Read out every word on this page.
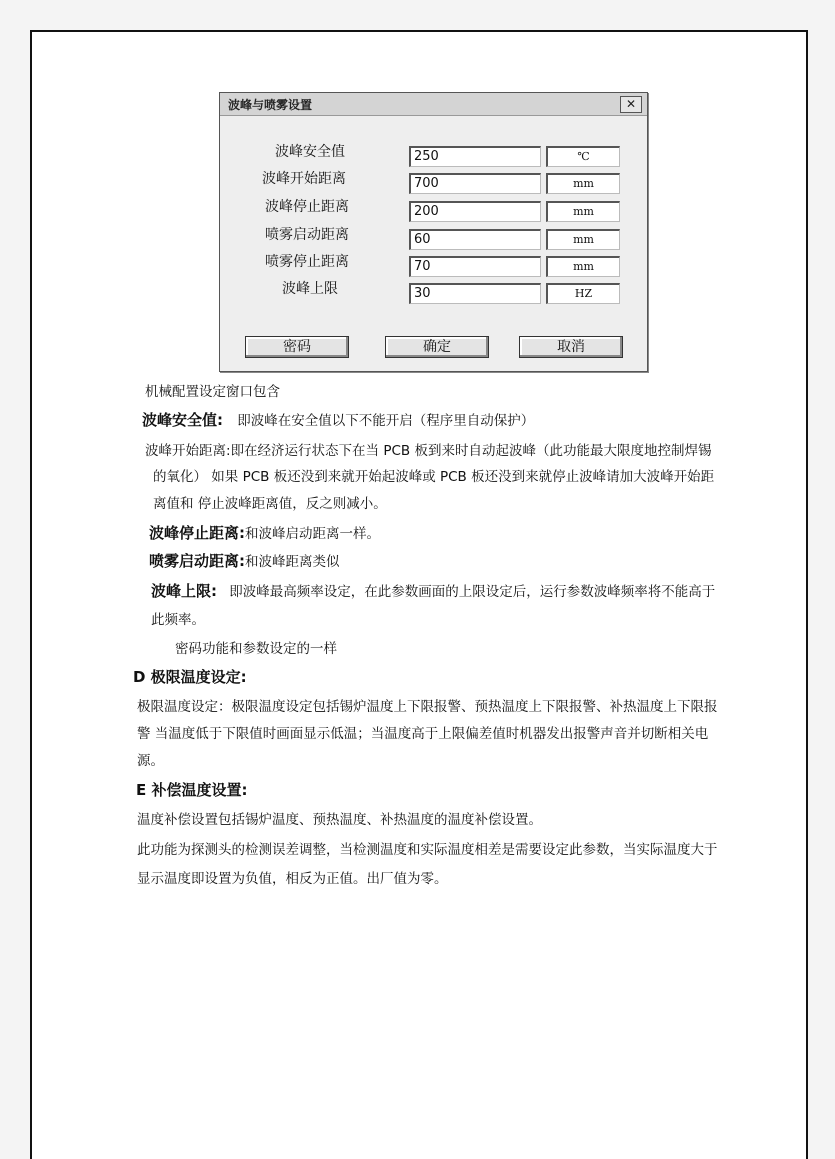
波峰与喷雾设置	✕
波峰安全值	250	℃
波峰开始距离	700	mm
波峰停止距离	200	mm
喷雾启动距离	60	mm
喷雾停止距离	70	mm
波峰上限	30	HZ
密码	确定	取消
机械配置设定窗口包含
波峰安全值: 即波峰在安全值以下不能开启（程序里自动保护）
波峰开始距离:即在经济运行状态下在当 PCB 板到来时自动起波峰（此功能最大限度地控制焊锡
的氧化） 如果 PCB 板还没到来就开始起波峰或 PCB 板还没到来就停止波峰请加大波峰开始距
离值和 停止波峰距离值，反之则减小。
波峰停止距离:和波峰启动距离一样。
喷雾启动距离:和波峰距离类似
波峰上限: 即波峰最高频率设定，在此参数画面的上限设定后，运行参数波峰频率将不能高于
此频率。
密码功能和参数设定的一样
D 极限温度设定:
极限温度设定：极限温度设定包括锡炉温度上下限报警、预热温度上下限报警、补热温度上下限报
警 当温度低于下限值时画面显示低温；当温度高于上限偏差值时机器发出报警声音并切断相关电
源。
E 补偿温度设置:
温度补偿设置包括锡炉温度、预热温度、补热温度的温度补偿设置。
此功能为探测头的检测误差调整，当检测温度和实际温度相差是需要设定此参数，当实际温度大于
显示温度即设置为负值，相反为正值。出厂值为零。
